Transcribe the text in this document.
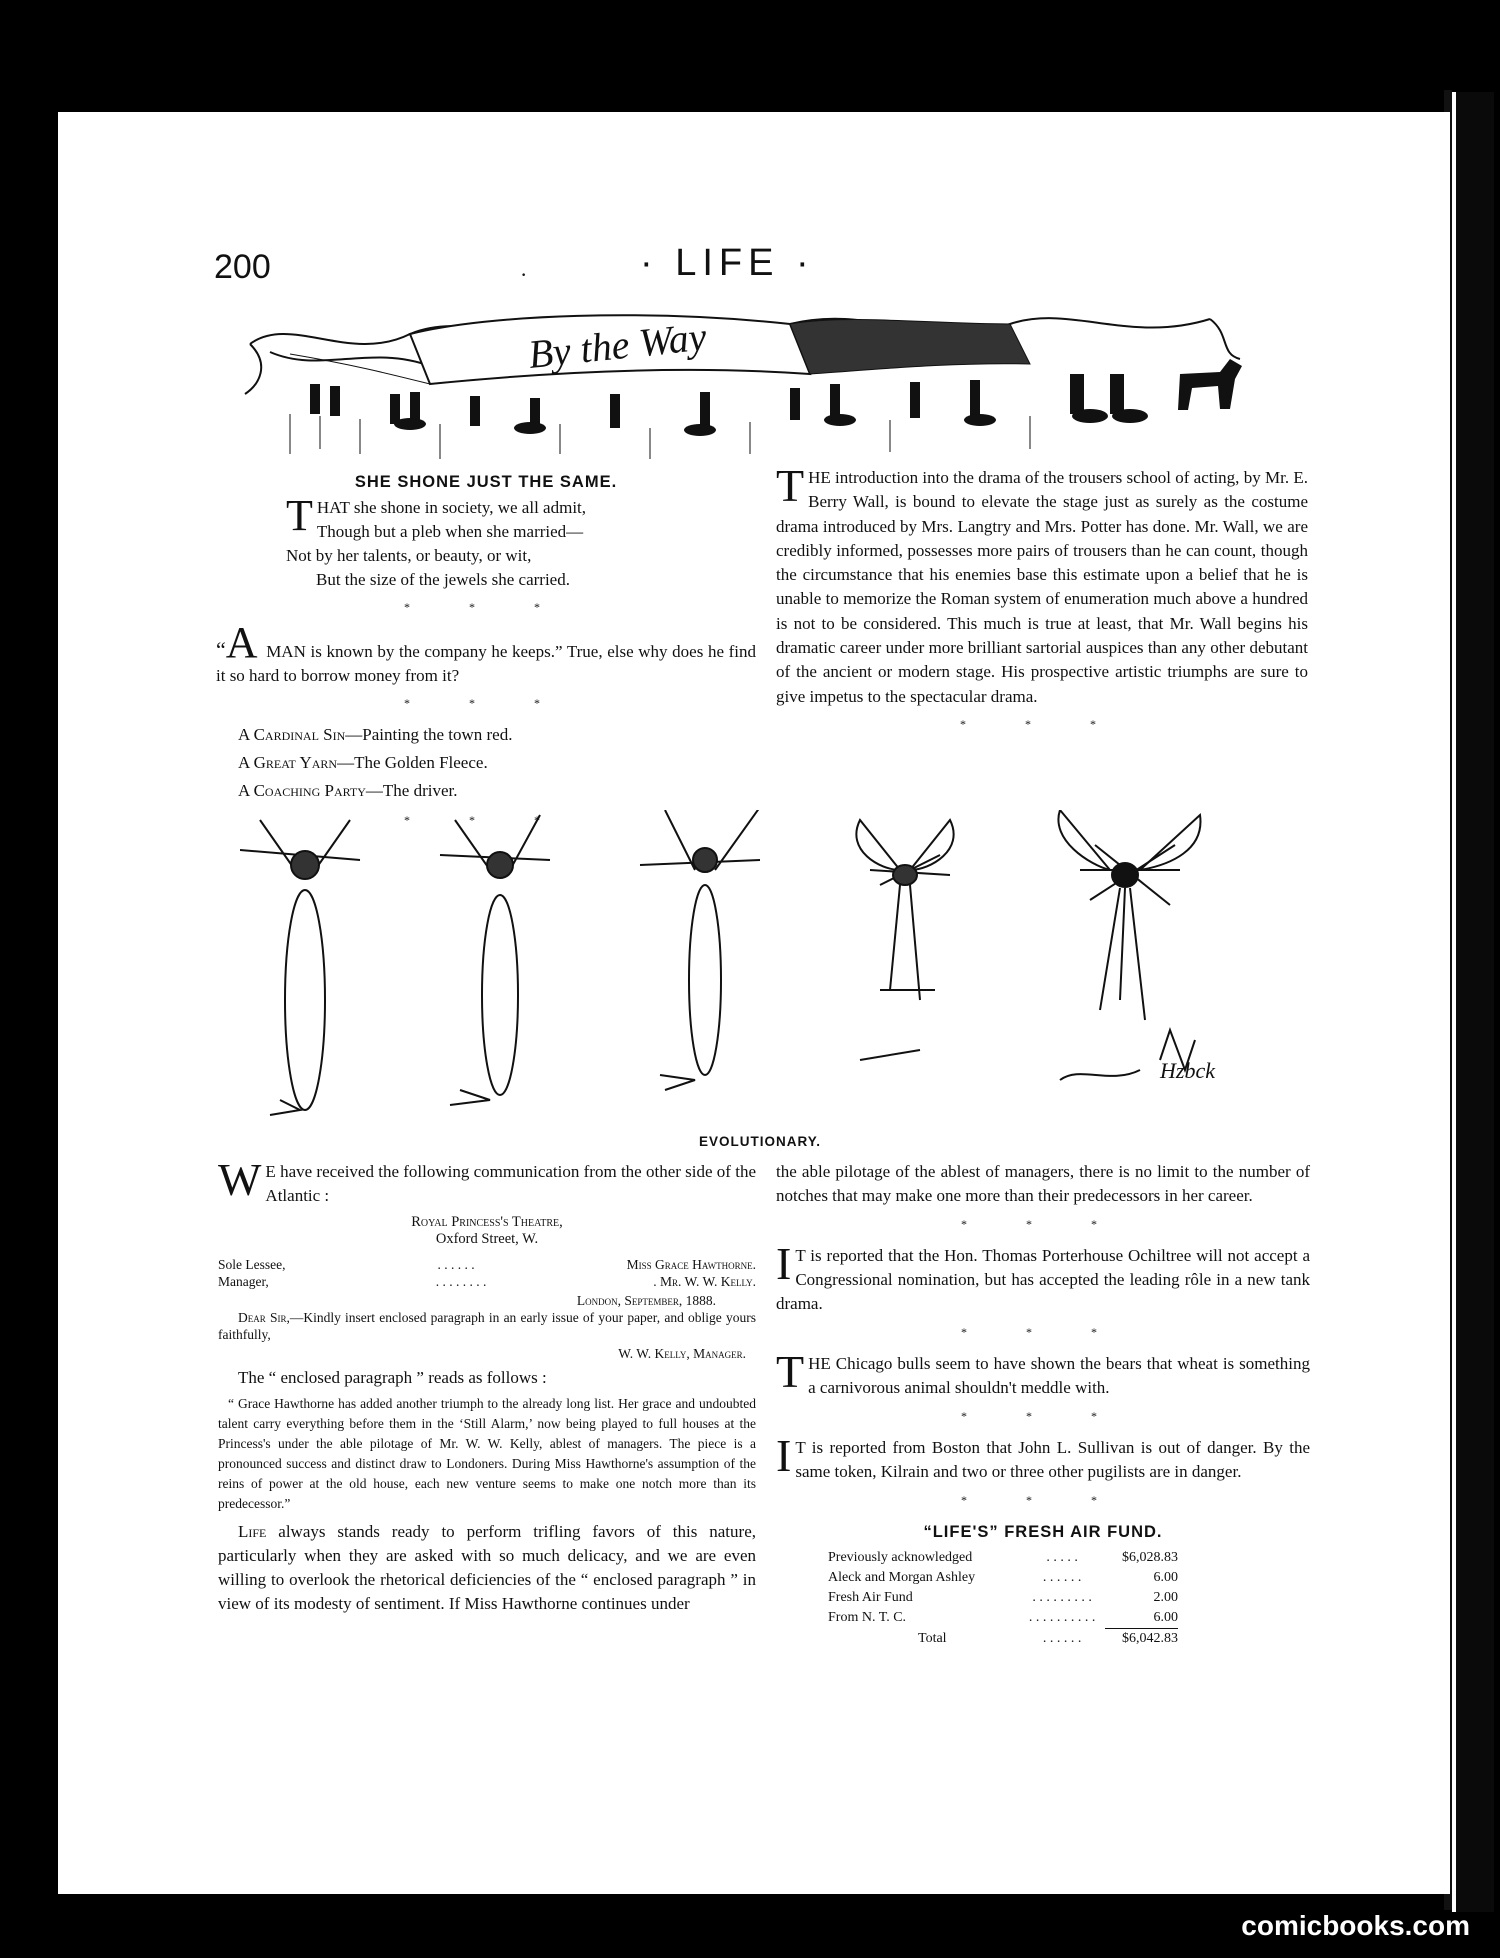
200	·	· LIFE ·
By the Way
SHE SHONE JUST THE SAME.
THAT she shone in society, we all admit,
Though but a pleb when she married—
Not by her talents, or beauty, or wit,
But the size of the jewels she carried.
* * *

“A MAN is known by the company he keeps.” True, else why does he find it so hard to borrow money from it?

* * *
A Cardinal Sin—Painting the town red.
A Great Yarn—The Golden Fleece.
A Coaching Party—The driver.
* * *

THE introduction into the drama of the trousers school of acting, by Mr. E. Berry Wall, is bound to elevate the stage just as surely as the costume drama introduced by Mrs. Langtry and Mrs. Potter has done. Mr. Wall, we are credibly informed, possesses more pairs of trousers than he can count, though the circumstance that his enemies base this estimate upon a belief that he is unable to memorize the Roman system of enumeration much above a hundred is not to be considered. This much is true at least, that Mr. Wall begins his dramatic career under more brilliant sartorial auspices than any other debutant of the ancient or modern stage. His prospective artistic triumphs are sure to give impetus to the spectacular drama.

* * *
Hzbck
EVOLUTIONARY.

W E have received the following communication from the other side of the Atlantic :

Royal Princess's Theatre,
Oxford Street, W.
Sole Lessee,	. . . . . .	Miss Grace Hawthorne.
Manager,	. . . . . . . .	. Mr. W. W. Kelly.
London, September, 1888.

Dear Sir,—Kindly insert enclosed paragraph in an early issue of your paper, and oblige yours faithfully,

W. W. Kelly, Manager.

The “ enclosed paragraph ” reads as follows :

“ Grace Hawthorne has added another triumph to the already long list. Her grace and undoubted talent carry everything before them in the ‘Still Alarm,’ now being played to full houses at the Princess's under the able pilotage of Mr. W. W. Kelly, ablest of managers. The piece is a pronounced success and distinct draw to Londoners. During Miss Hawthorne's assumption of the reins of power at the old house, each new venture seems to make one notch more than its predecessor.”

Life always stands ready to perform trifling favors of this nature, particularly when they are asked with so much delicacy, and we are even willing to overlook the rhetorical deficiencies of the “ enclosed paragraph ” in view of its modesty of sentiment. If Miss Hawthorne continues under

the able pilotage of the ablest of managers, there is no limit to the number of notches that may make one more than their predecessors in her career.

* * *

I T is reported that the Hon. Thomas Porterhouse Ochiltree will not accept a Congressional nomination, but has accepted the leading rôle in a new tank drama.

* * *

THE Chicago bulls seem to have shown the bears that wheat is something a carnivorous animal shouldn't meddle with.

* * *

I T is reported from Boston that John L. Sullivan is out of danger. By the same token, Kilrain and two or three other pugilists are in danger.

* * *
“LIFE'S” FRESH AIR FUND.
Previously acknowledged	. . . . .	$6,028.83
Aleck and Morgan Ashley	. . . . . .	6.00
Fresh Air Fund	. . . . . . . . .	2.00
From N. T. C.	. . . . . . . . . .	6.00
Total	. . . . . .	$6,042.83
comicbooks.com
